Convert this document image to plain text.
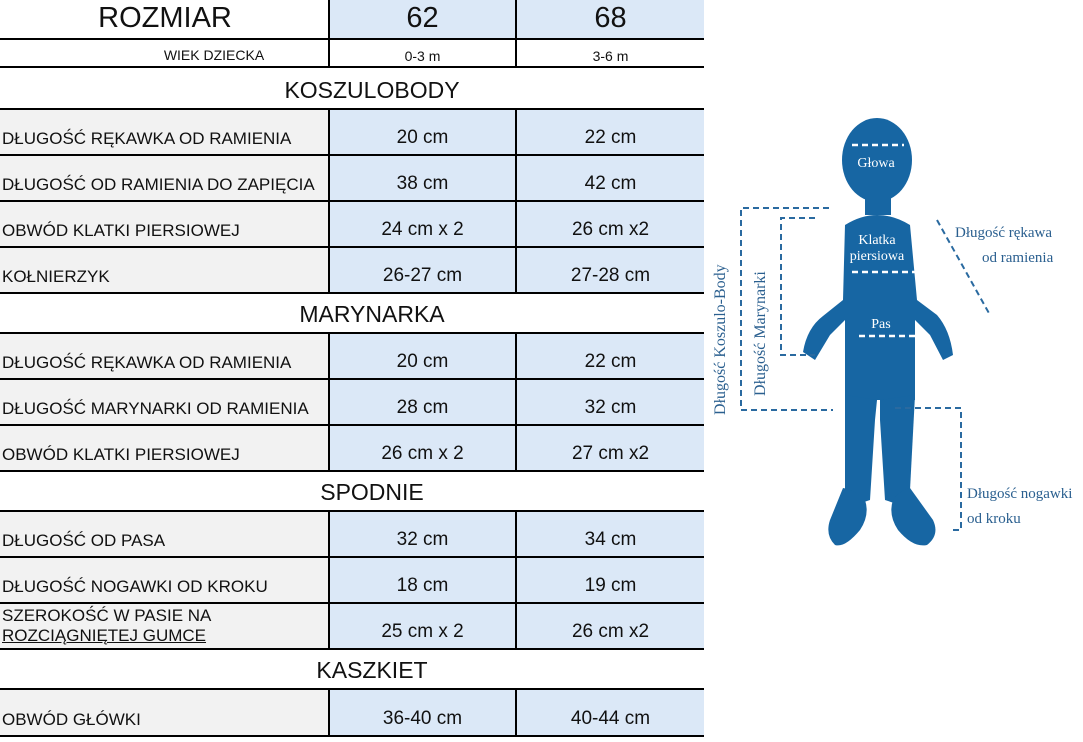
ROZMIAR	62	68
WIEK DZIECKA	0-3 m	3-6 m
KOSZULOBODY
DŁUGOŚĆ RĘKAWKA OD RAMIENIA	20 cm	22 cm
DŁUGOŚĆ OD RAMIENIA DO ZAPIĘCIA	38 cm	42 cm
OBWÓD KLATKI PIERSIOWEJ	24 cm x 2	26 cm x2
KOŁNIERZYK	26-27 cm	27-28 cm
MARYNARKA
DŁUGOŚĆ RĘKAWKA OD RAMIENIA	20 cm	22 cm
DŁUGOŚĆ MARYNARKI OD RAMIENIA	28 cm	32 cm
OBWÓD KLATKI PIERSIOWEJ	26 cm x 2	27 cm x2
SPODNIE
DŁUGOŚĆ OD PASA	32 cm	34 cm
DŁUGOŚĆ NOGAWKI OD KROKU	18 cm	19 cm
SZEROKOŚĆ W PASIE NA
ROZCIĄGNIĘTEJ GUMCE	25 cm x 2	26 cm x2
KASZKIET
OBWÓD GŁÓWKI	36-40 cm	40-44 cm
Głowa
Klatka
piersiowa
Pas
Długość rękawa
od ramienia
Długość nogawki
od kroku
Długość Koszulo-Body Długość Marynarki
